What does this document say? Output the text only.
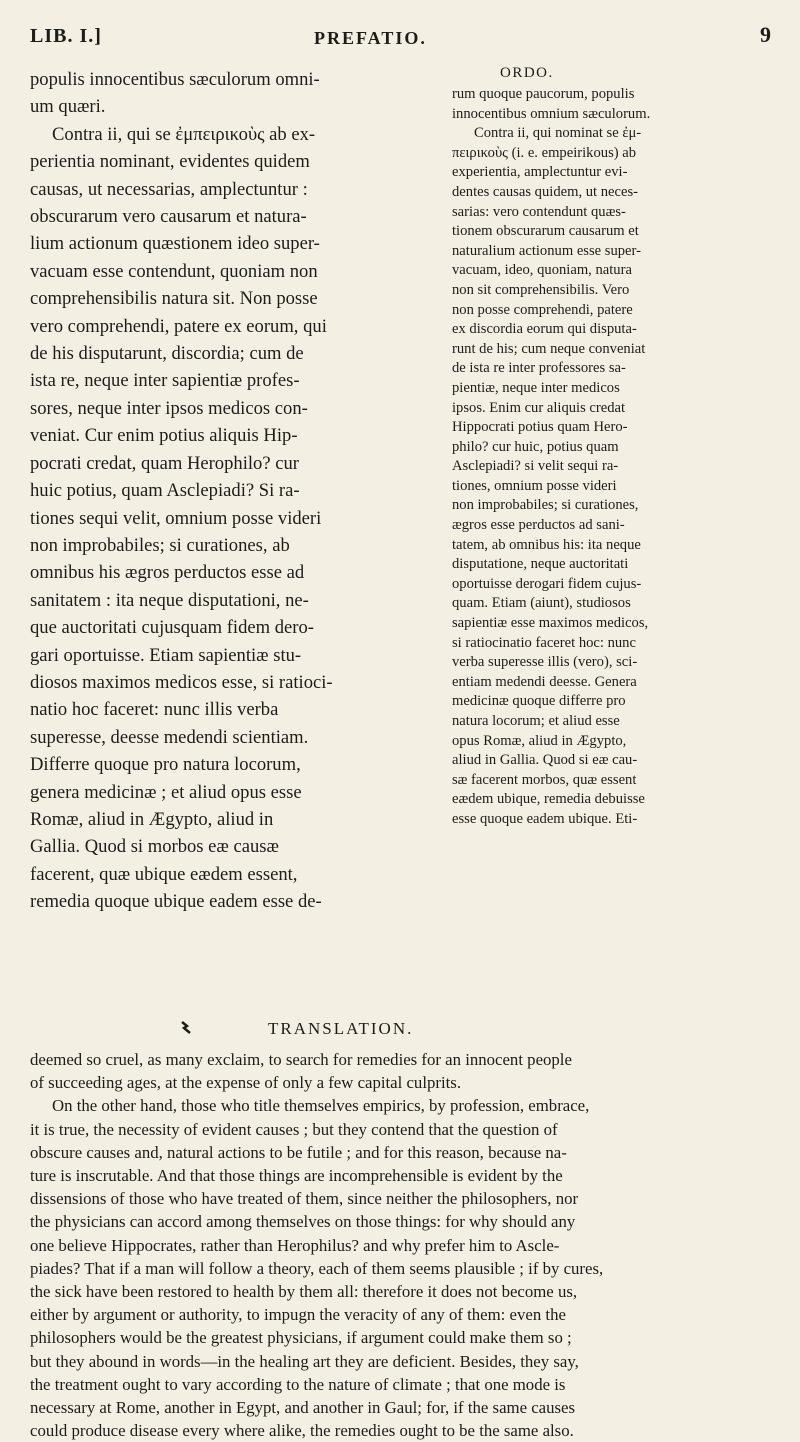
LIB. I.]	PREFATIO.	9
populis innocentibus sæculorum omni-
um quæri.
Contra ii, qui se ἐμπειρικοὺς ab ex-
perientia nominant, evidentes quidem
causas, ut necessarias, amplectuntur :
obscurarum vero causarum et natura-
lium actionum quæstionem ideo super-
vacuam esse contendunt, quoniam non
comprehensibilis natura sit. Non posse
vero comprehendi, patere ex eorum, qui
de his disputarunt, discordia; cum de
ista re, neque inter sapientiæ profes-
sores, neque inter ipsos medicos con-
veniat. Cur enim potius aliquis Hip-
pocrati credat, quam Herophilo? cur
huic potius, quam Asclepiadi? Si ra-
tiones sequi velit, omnium posse videri
non improbabiles; si curationes, ab
omnibus his ægros perductos esse ad
sanitatem : ita neque disputationi, ne-
que auctoritati cujusquam fidem dero-
gari oportuisse. Etiam sapientiæ stu-
diosos maximos medicos esse, si ratioci-
natio hoc faceret: nunc illis verba
superesse, deesse medendi scientiam.
Differre quoque pro natura locorum,
genera medicinæ ; et aliud opus esse
Romæ, aliud in Ægypto, aliud in
Gallia. Quod si morbos eæ causæ
facerent, quæ ubique eædem essent,
remedia quoque ubique eadem esse de-
ORDO.
rum quoque paucorum, populis
innocentibus omnium sæculorum.
Contra ii, qui nominat se ἐμ-
πειρικοὺς (i. e. empeirikous) ab
experientia, amplectuntur evi-
dentes causas quidem, ut neces-
sarias: vero contendunt quæs-
tionem obscurarum causarum et
naturalium actionum esse super-
vacuam, ideo, quoniam, natura
non sit comprehensibilis. Vero
non posse comprehendi, patere
ex discordia eorum qui disputa-
runt de his; cum neque conveniat
de ista re inter professores sa-
pientiæ, neque inter medicos
ipsos. Enim cur aliquis credat
Hippocrati potius quam Hero-
philo? cur huic, potius quam
Asclepiadi? si velit sequi ra-
tiones, omnium posse videri
non improbabiles; si curationes,
ægros esse perductos ad sani-
tatem, ab omnibus his: ita neque
disputatione, neque auctoritati
oportuisse derogari fidem cujus-
quam. Etiam (aiunt), studiosos
sapientiæ esse maximos medicos,
si ratiocinatio faceret hoc: nunc
verba superesse illis (vero), sci-
entiam medendi deesse. Genera
medicinæ quoque differre pro
natura locorum; et aliud esse
opus Romæ, aliud in Ægypto,
aliud in Gallia. Quod si eæ cau-
sæ facerent morbos, quæ essent
eædem ubique, remedia debuisse
esse quoque eadem ubique. Eti-
TRANSLATION.
deemed so cruel, as many exclaim, to search for remedies for an innocent people
of succeeding ages, at the expense of only a few capital culprits.
On the other hand, those who title themselves empirics, by profession, embrace,
it is true, the necessity of evident causes ; but they contend that the question of
obscure causes and, natural actions to be futile ; and for this reason, because na-
ture is inscrutable. And that those things are incomprehensible is evident by the
dissensions of those who have treated of them, since neither the philosophers, nor
the physicians can accord among themselves on those things: for why should any
one believe Hippocrates, rather than Herophilus? and why prefer him to Ascle-
piades? That if a man will follow a theory, each of them seems plausible ; if by cures,
the sick have been restored to health by them all: therefore it does not become us,
either by argument or authority, to impugn the veracity of any of them: even the
philosophers would be the greatest physicians, if argument could make them so ;
but they abound in words—in the healing art they are deficient. Besides, they say,
the treatment ought to vary according to the nature of climate ; that one mode is
necessary at Rome, another in Egypt, and another in Gaul; for, if the same causes
could produce disease every where alike, the remedies ought to be the same also.
